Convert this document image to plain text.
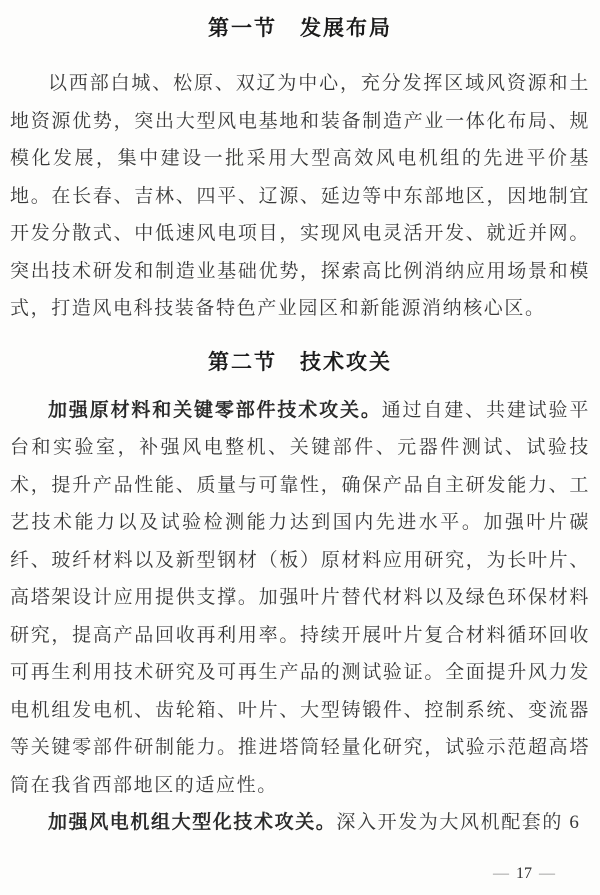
第一节　发展布局

以西部白城、松原、双辽为中心，充分发挥区域风资源和土地资源优势，突出大型风电基地和装备制造产业一体化布局、规模化发展，集中建设一批采用大型高效风电机组的先进平价基地。在长春、吉林、四平、辽源、延边等中东部地区，因地制宜开发分散式、中低速风电项目，实现风电灵活开发、就近并网。突出技术研发和制造业基础优势，探索高比例消纳应用场景和模式，打造风电科技装备特色产业园区和新能源消纳核心区。

第二节　技术攻关

加强原材料和关键零部件技术攻关。通过自建、共建试验平台和实验室，补强风电整机、关键部件、元器件测试、试验技术，提升产品性能、质量与可靠性，确保产品自主研发能力、工艺技术能力以及试验检测能力达到国内先进水平。加强叶片碳纤、玻纤材料以及新型钢材（板）原材料应用研究，为长叶片、高塔架设计应用提供支撑。加强叶片替代材料以及绿色环保材料研究，提高产品回收再利用率。持续开展叶片复合材料循环回收可再生利用技术研究及可再生产品的测试验证。全面提升风力发电机组发电机、齿轮箱、叶片、大型铸锻件、控制系统、变流器等关键零部件研制能力。推进塔筒轻量化研究，试验示范超高塔筒在我省西部地区的适应性。

加强风电机组大型化技术攻关。深入开发为大风机配套的 6

— 17 —
